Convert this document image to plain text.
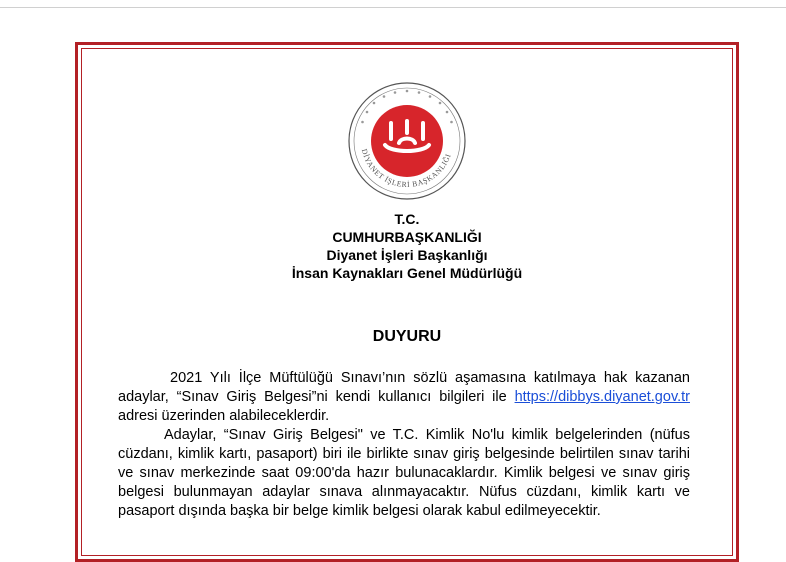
DİYANET İŞLERİ BAŞKANLIĞI
T.C.
CUMHURBAŞKANLIĞI
Diyanet İşleri Başkanlığı
İnsan Kaynakları Genel Müdürlüğü
DUYURU

2021 Yılı İlçe Müftülüğü Sınavı’nın sözlü aşamasına katılmaya hak kazanan adaylar, “Sınav Giriş Belgesi”ni kendi kullanıcı bilgileri ile https://dibbys.diyanet.gov.tr adresi üzerinden alabileceklerdir.

Adaylar, “Sınav Giriş Belgesi" ve T.C. Kimlik No'lu kimlik belgelerinden (nüfus cüzdanı, kimlik kartı, pasaport) biri ile birlikte sınav giriş belgesinde belirtilen sınav tarihi ve sınav merkezinde saat 09:00'da hazır bulunacaklardır. Kimlik belgesi ve sınav giriş belgesi bulunmayan adaylar sınava alınmayacaktır. Nüfus cüzdanı, kimlik kartı ve pasaport dışında başka bir belge kimlik belgesi olarak kabul edilmeyecektir.
